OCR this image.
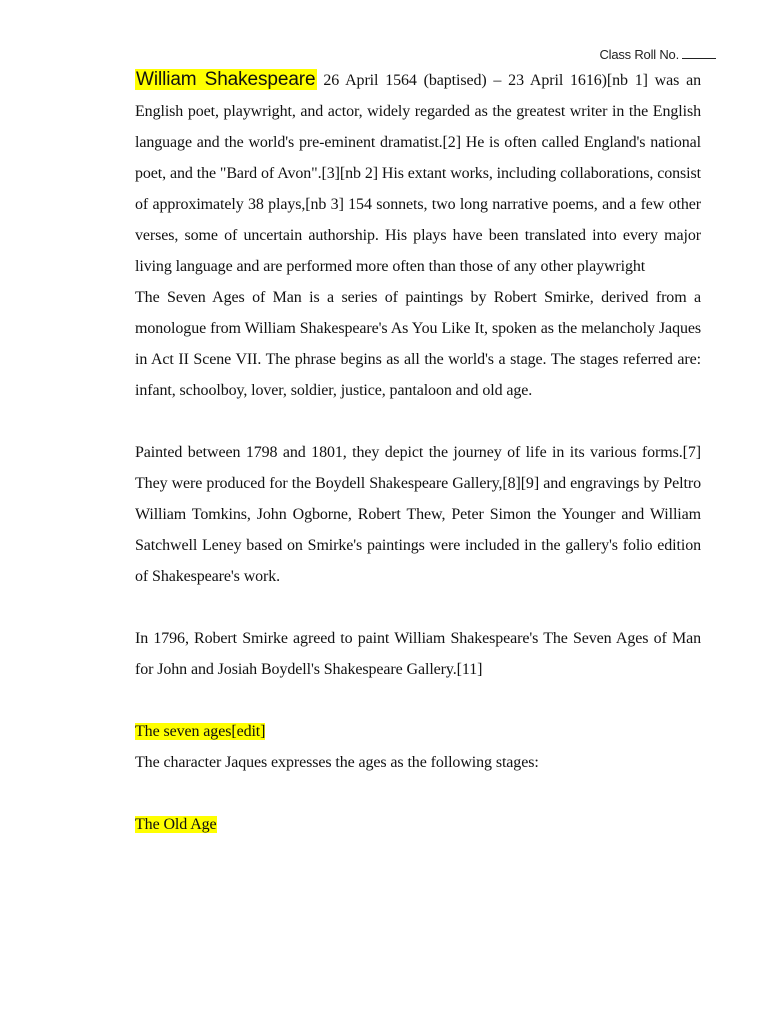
Class Roll No.

William Shakespeare 26 April 1564 (baptised) – 23 April 1616)[nb 1] was an English poet, playwright, and actor, widely regarded as the greatest writer in the English language and the world's pre-eminent dramatist.[2] He is often called England's national poet, and the "Bard of Avon".[3][nb 2] His extant works, including collaborations, consist of approximately 38 plays,[nb 3] 154 sonnets, two long narrative poems, and a few other verses, some of uncertain authorship. His plays have been translated into every major living language and are performed more often than those of any other playwright

The Seven Ages of Man is a series of paintings by Robert Smirke, derived from a monologue from William Shakespeare's As You Like It, spoken as the melancholy Jaques in Act II Scene VII. The phrase begins as all the world's a stage. The stages referred are: infant, schoolboy, lover, soldier, justice, pantaloon and old age.

Painted between 1798 and 1801, they depict the journey of life in its various forms.[7] They were produced for the Boydell Shakespeare Gallery,[8][9] and engravings by Peltro William Tomkins, John Ogborne, Robert Thew, Peter Simon the Younger and William Satchwell Leney based on Smirke's paintings were included in the gallery's folio edition of Shakespeare's work.

In 1796, Robert Smirke agreed to paint William Shakespeare's The Seven Ages of Man for John and Josiah Boydell's Shakespeare Gallery.[11]

The seven ages[edit]

The character Jaques expresses the ages as the following stages:

The Old Age
